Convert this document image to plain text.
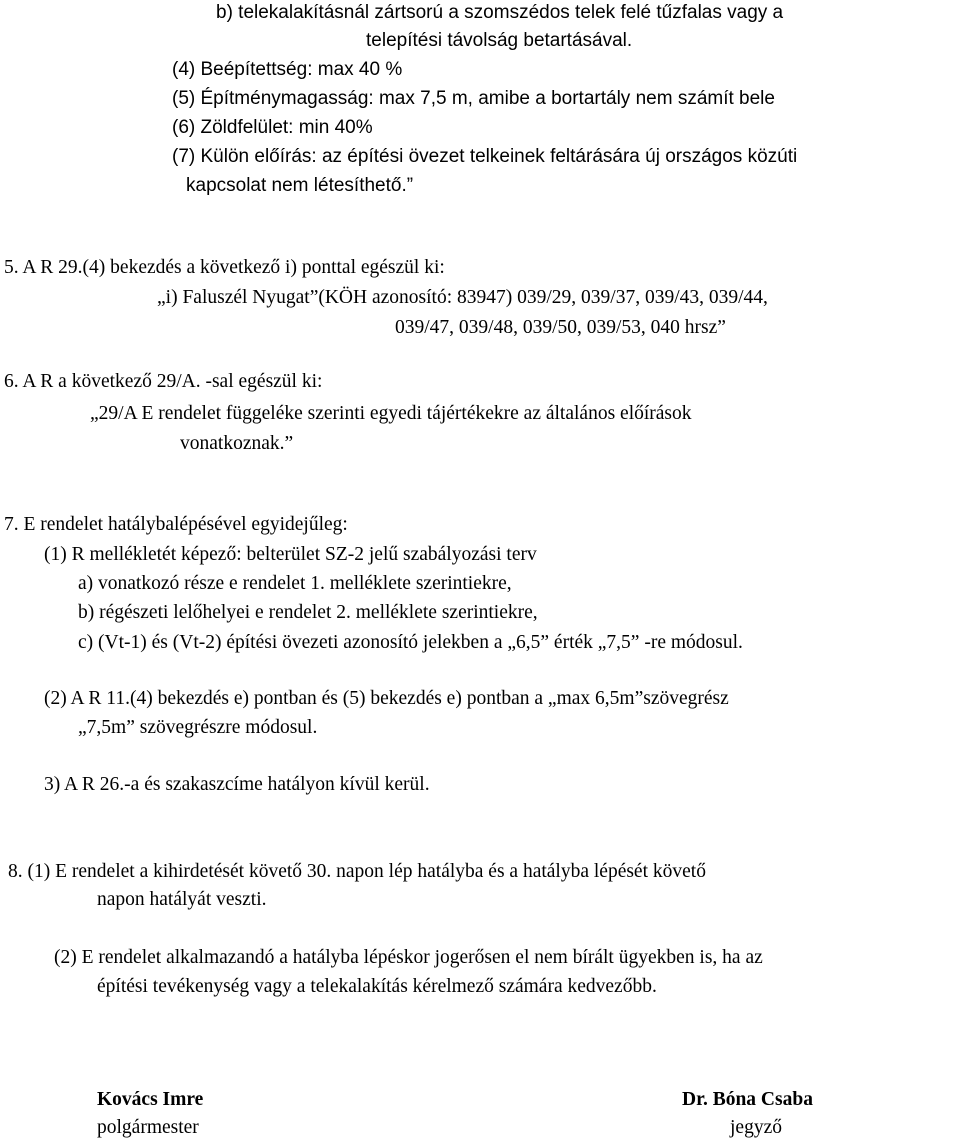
b) telekalakításnál zártsorú a szomszédos telek felé tűzfalas vagy a
telepítési távolság betartásával.
(4) Beépítettség: max 40 %
(5) Építménymagasság: max 7,5 m, amibe a bortartály nem számít bele
(6) Zöldfelület: min 40%
(7) Külön előírás: az építési övezet telkeinek feltárására új országos közúti
kapcsolat nem létesíthető.”
5. A R 29.(4) bekezdés a következő i) ponttal egészül ki:
„i) Faluszél Nyugat”(KÖH azonosító: 83947) 039/29, 039/37, 039/43, 039/44,
039/47, 039/48, 039/50, 039/53, 040 hrsz”
6. A R a következő 29/A. -sal egészül ki:
„29/A E rendelet függeléke szerinti egyedi tájértékekre az általános előírások
vonatkoznak.”
7. E rendelet hatálybalépésével egyidejűleg:
(1) R mellékletét képező: belterület SZ-2 jelű szabályozási terv
a) vonatkozó része e rendelet 1. melléklete szerintiekre,
b) régészeti lelőhelyei e rendelet 2. melléklete szerintiekre,
c) (Vt-1) és (Vt-2) építési övezeti azonosító jelekben a „6,5” érték „7,5” -re módosul.
(2) A R 11.(4) bekezdés e) pontban és (5) bekezdés e) pontban a „max 6,5m”szövegrész
„7,5m” szövegrészre módosul.
3) A R 26.-a és szakaszcíme hatályon kívül kerül.
8. (1) E rendelet a kihirdetését követő 30. napon lép hatályba és a hatályba lépését követő
napon hatályát veszti.
(2) E rendelet alkalmazandó a hatályba lépéskor jogerősen el nem bírált ügyekben is, ha az
építési tevékenység vagy a telekalakítás kérelmező számára kedvezőbb.
Kovács Imre
polgármester
Dr. Bóna Csaba
jegyző
